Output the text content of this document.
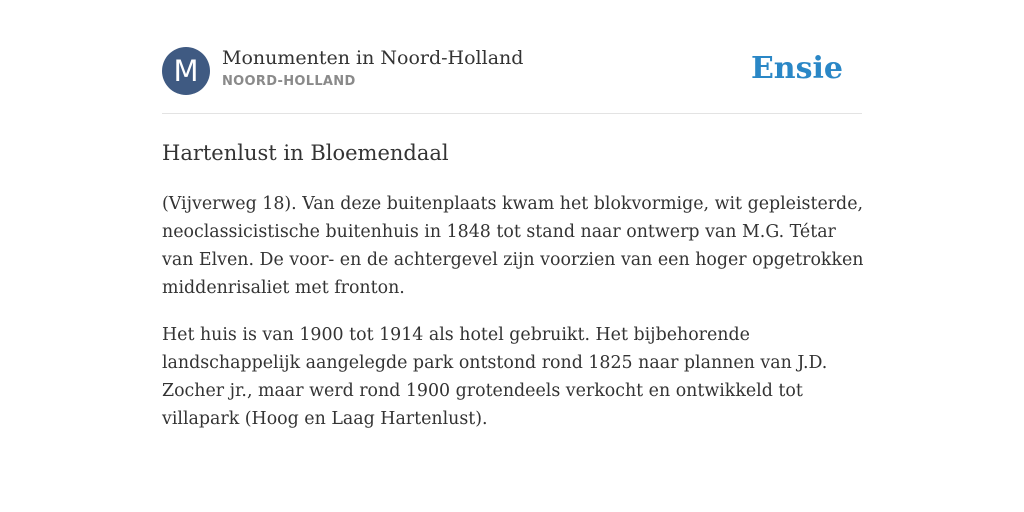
M	Monumenten in Noord-Holland
NOORD-HOLLAND	Ensie
Hartenlust in Bloemendaal

(Vijverweg 18). Van deze buitenplaats kwam het blokvormige, wit gepleisterde, neoclassicistische buitenhuis in 1848 tot stand naar ontwerp van M.G. Tétar van Elven. De voor- en de achtergevel zijn voorzien van een hoger opgetrokken middenrisaliet met fronton.

Het huis is van 1900 tot 1914 als hotel gebruikt. Het bijbehorende landschappelijk aangelegde park ontstond rond 1825 naar plannen van J.D. Zocher jr., maar werd rond 1900 grotendeels verkocht en ontwikkeld tot villapark (Hoog en Laag Hartenlust).
